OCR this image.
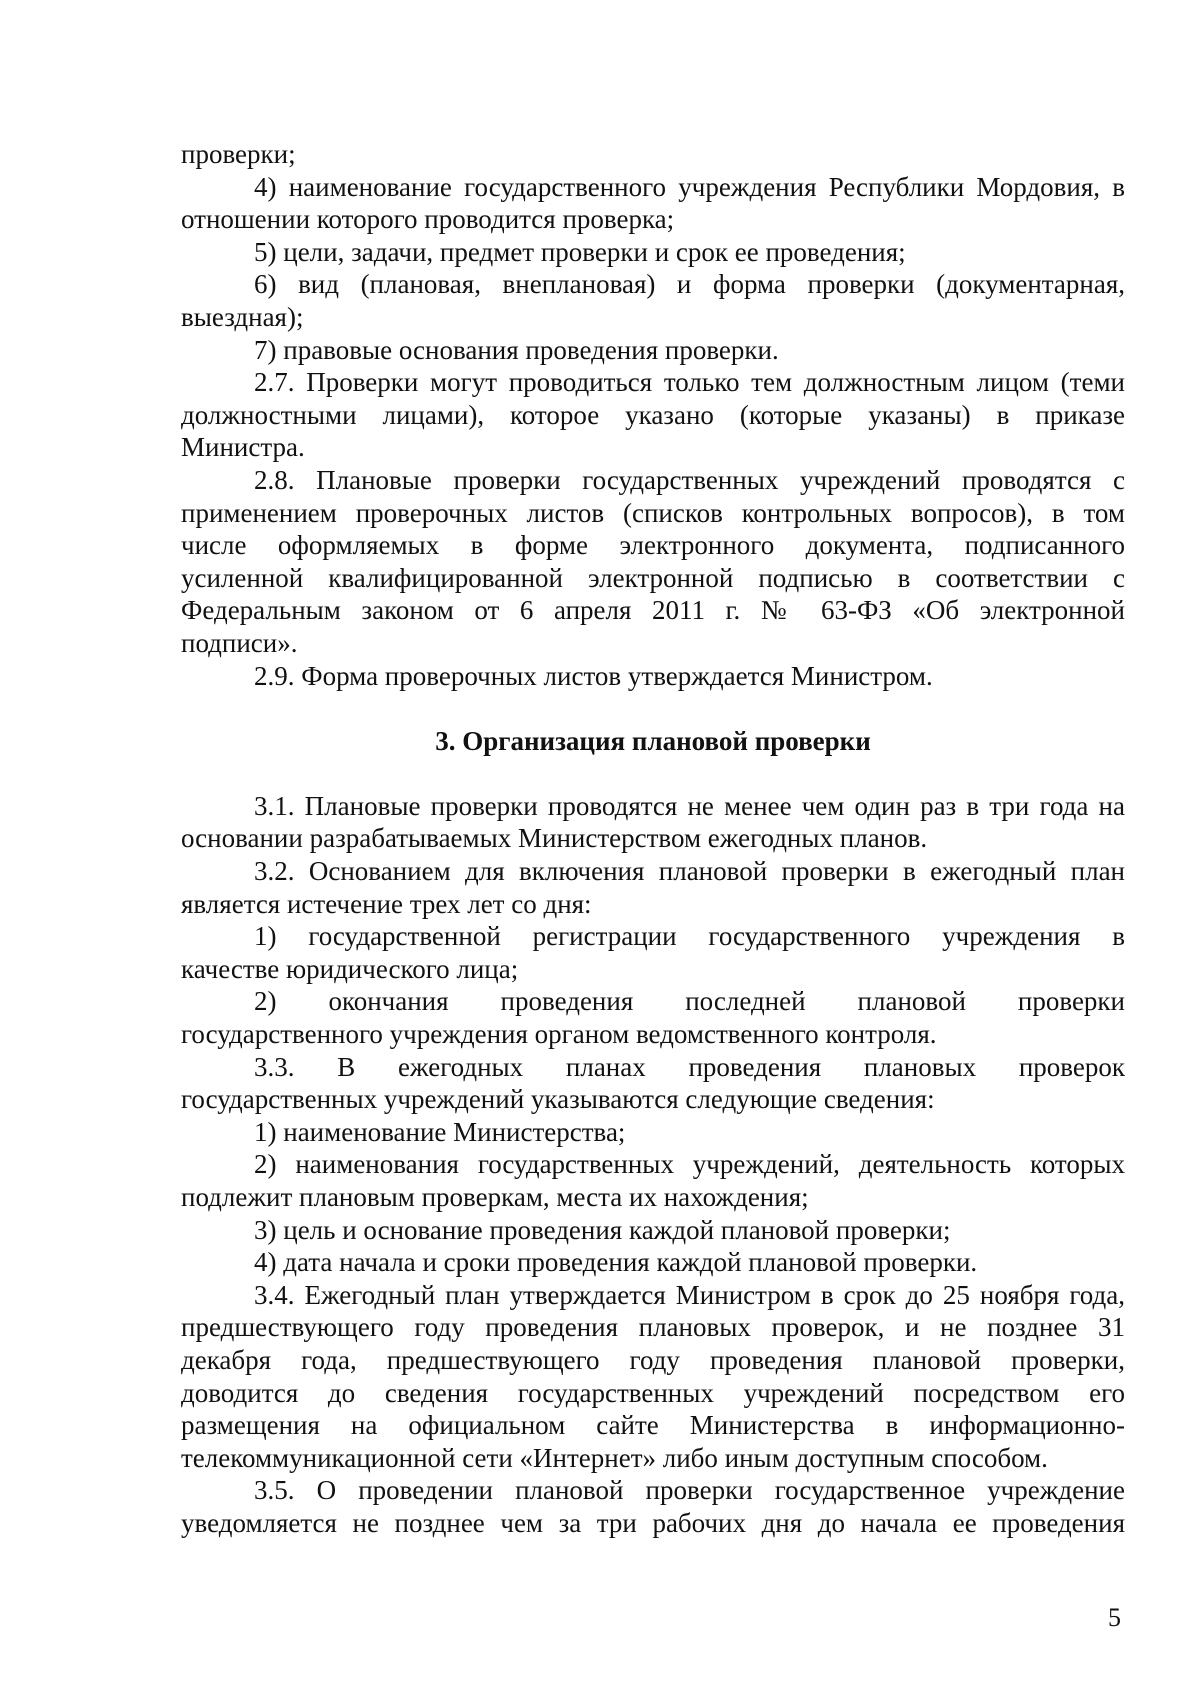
проверки;
4) наименование государственного учреждения Республики Мордовия, в
отношении которого проводится проверка;
5) цели, задачи, предмет проверки и срок ее проведения;
6) вид (плановая, внеплановая) и форма проверки (документарная,
выездная);
7) правовые основания проведения проверки.
2.7. Проверки могут проводиться только тем должностным лицом (теми
должностными лицами), которое указано (которые указаны) в приказе
Министра.
2.8. Плановые проверки государственных учреждений проводятся с
применением проверочных листов (списков контрольных вопросов), в том
числе оформляемых в форме электронного документа, подписанного
усиленной квалифицированной электронной подписью в соответствии с
Федеральным законом от 6 апреля 2011 г. № 63-ФЗ «Об электронной
подписи».
2.9. Форма проверочных листов утверждается Министром.
3. Организация плановой проверки
3.1. Плановые проверки проводятся не менее чем один раз в три года на
основании разрабатываемых Министерством ежегодных планов.
3.2. Основанием для включения плановой проверки в ежегодный план
является истечение трех лет со дня:
1) государственной регистрации государственного учреждения в
качестве юридического лица;
2) окончания проведения последней плановой проверки
государственного учреждения органом ведомственного контроля.
3.3. В ежегодных планах проведения плановых проверок
государственных учреждений указываются следующие сведения:
1) наименование Министерства;
2) наименования государственных учреждений, деятельность которых
подлежит плановым проверкам, места их нахождения;
3) цель и основание проведения каждой плановой проверки;
4) дата начала и сроки проведения каждой плановой проверки.
3.4. Ежегодный план утверждается Министром в срок до 25 ноября года,
предшествующего году проведения плановых проверок, и не позднее 31
декабря года, предшествующего году проведения плановой проверки,
доводится до сведения государственных учреждений посредством его
размещения на официальном сайте Министерства в информационно-
телекоммуникационной сети «Интернет» либо иным доступным способом.
3.5. О проведении плановой проверки государственное учреждение
уведомляется не позднее чем за три рабочих дня до начала ее проведения
5
